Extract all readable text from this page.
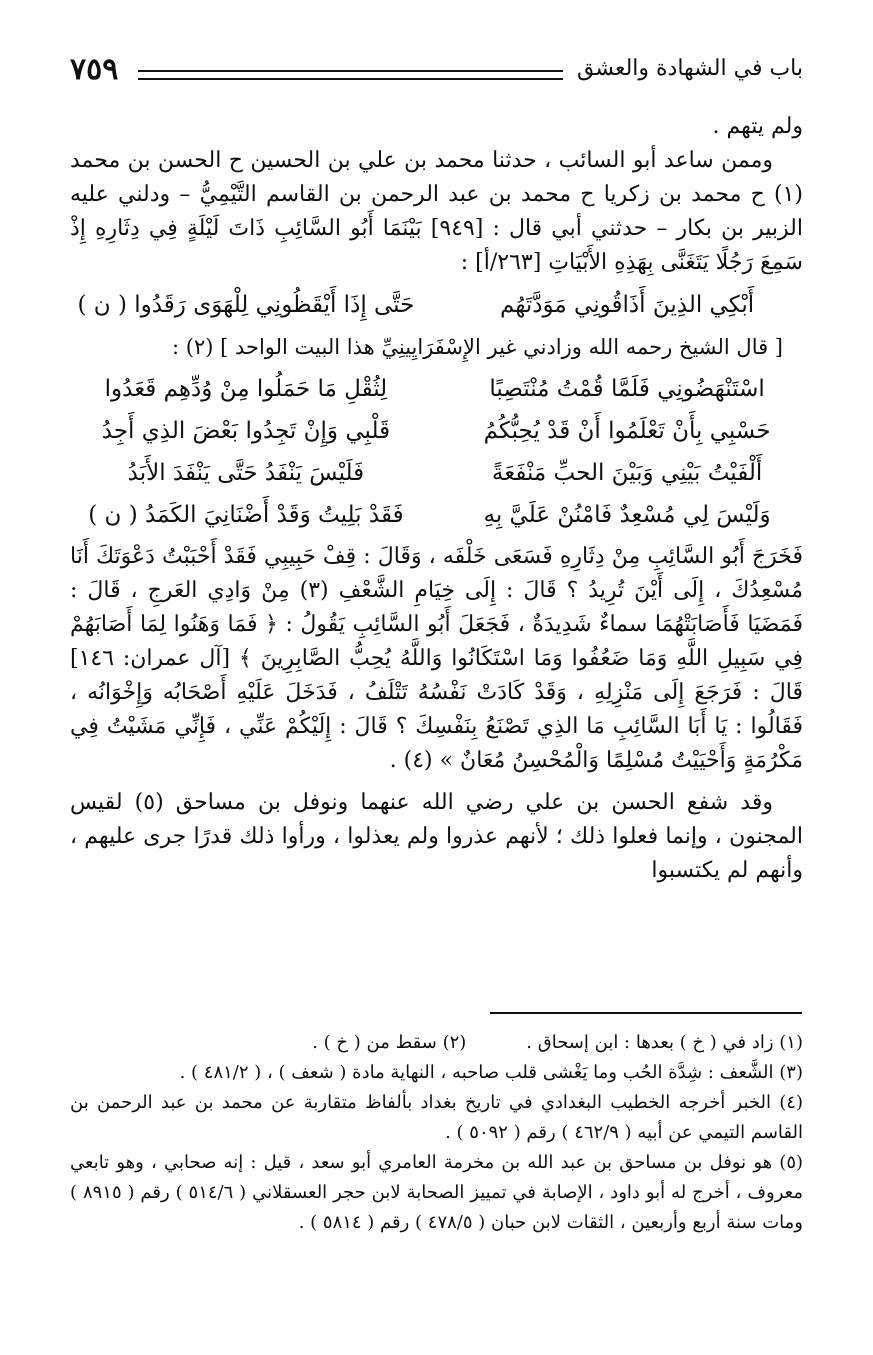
٧٥٩	باب في الشهادة والعشق

ولم يتهم .

وممن ساعد أبو السائب ، حدثنا محمد بن علي بن الحسين ح الحسن بن محمد (١) ح محمد بن زكريا ح محمد بن عبد الرحمن بن القاسم التَّيْمِيُّ – ودلني عليه الزبير بن بكار – حدثني أبي قال : [٩٤٩] بَيْنَمَا أَبُو السَّائِبِ ذَاتَ لَيْلَةٍ فِي دِثَارِهِ إِذْ سَمِعَ رَجُلًا يَتَغَنَّى بِهَذِهِ الأَبْيَاتِ [٢٦٣/أ] :

أَبْكِي الذِينَ أَذَاقُونِي مَوَدَّتَهُم
حَتَّى إِذَا أَيْقَظُونِي لِلْهَوَى رَقَدُوا ( ن )

[ قال الشيخ رحمه الله وزادني غير الإِسْفَرَايِينِيِّ هذا البيت الواحد ] (٢) :

اسْتَنْهَضُونِي فَلَمَّا قُمْتُ مُنْتَصِبًا
لِثُقْلِ مَا حَمَلُوا مِنْ وُدِّهِم قَعَدُوا
حَسْبِي بِأَنْ تَعْلَمُوا أَنْ قَدْ يُحِبُّكُمُ
قَلْبِي وَإِنْ تَجِدُوا بَعْضَ الذِي أَجِدُ
أَلْفَيْتُ بَيْنِي وَبَيْنَ الحبِّ مَنْفَعَةً
فَلَيْسَ يَنْفَدُ حَتَّى يَنْفَدَ الأَبَدُ
وَلَيْسَ لِي مُسْعِدٌ فَامْنُنْ عَلَيَّ بِهِ
فَقَدْ بَلِيتُ وَقَدْ أَضْنَانِيَ الكَمَدُ ( ن )

فَخَرَجَ أَبُو السَّائِبِ مِنْ دِثَارِهِ فَسَعَى خَلْفَه ، وَقَالَ : قِفْ حَبِيبِي فَقَدْ أَحْبَبْتُ دَعْوَتَكَ أَنَا مُسْعِدُكَ ، إِلَى أَيْنَ تُرِيدُ ؟ قَالَ : إِلَى خِيَامِ الشَّعْفِ (٣) مِنْ وَادِي العَرجِ ، قَالَ : فَمَضَيَا فَأَصَابَتْهُمَا سماءٌ شَدِيدَةٌ ، فَجَعَلَ أَبُو السَّائِبِ يَقُولُ : ﴿ فَمَا وَهَنُوا لِمَا أَصَابَهُمْ فِي سَبِيلِ اللَّهِ وَمَا ضَعُفُوا وَمَا اسْتَكَانُوا وَاللَّهُ يُحِبُّ الصَّابِرِينَ ﴾ [آل عمران: ١٤٦] قَالَ : فَرَجَعَ إِلَى مَنْزِلِهِ ، وَقَدْ كَادَتْ نَفْسُهُ تَتْلَفُ ، فَدَخَلَ عَلَيْهِ أَصْحَابُه وَإِخْوَانُه ، فَقَالُوا : يَا أَبَا السَّائِبِ مَا الذِي تَصْنَعُ بِنَفْسِكَ ؟ قَالَ : إِلَيْكُمْ عَنِّي ، فَإِنِّي مَشَيْتُ فِي مَكْرُمَةٍ وَأَحْيَيْتُ مُسْلِمًا وَالْمُحْسِنُ مُعَانٌ » (٤) .

وقد شفع الحسن بن علي رضي الله عنهما ونوفل بن مساحق (٥) لقيس المجنون ، وإنما فعلوا ذلك ؛ لأنهم عذروا ولم يعذلوا ، ورأوا ذلك قدرًا جرى عليهم ، وأنهم لم يكتسبوا

(١) زاد في ( خ ) بعدها : ابن إسحاق .
(٢) سقط من ( خ ) .

(٣) الشَّعف : شِدَّة الحُب وما يَغْشى قلب صاحبه ، النهاية مادة ( شعف ) ، ( ٤٨١/٢ ) .

(٤) الخبر أخرجه الخطيب البغدادي في تاريخ بغداد بألفاظ متقاربة عن محمد بن عبد الرحمن بن القاسم التيمي عن أبيه ( ٤٦٢/٩ ) رقم ( ٥٠٩٢ ) .

(٥) هو نوفل بن مساحق بن عبد الله بن مخرمة العامري أبو سعد ، قيل : إنه صحابي ، وهو تابعي معروف ، أخرج له أبو داود ، الإصابة في تمييز الصحابة لابن حجر العسقلاني ( ٥١٤/٦ ) رقم ( ٨٩١٥ ) ومات سنة أربع وأربعين ، الثقات لابن حبان ( ٤٧٨/٥ ) رقم ( ٥٨١٤ ) .
